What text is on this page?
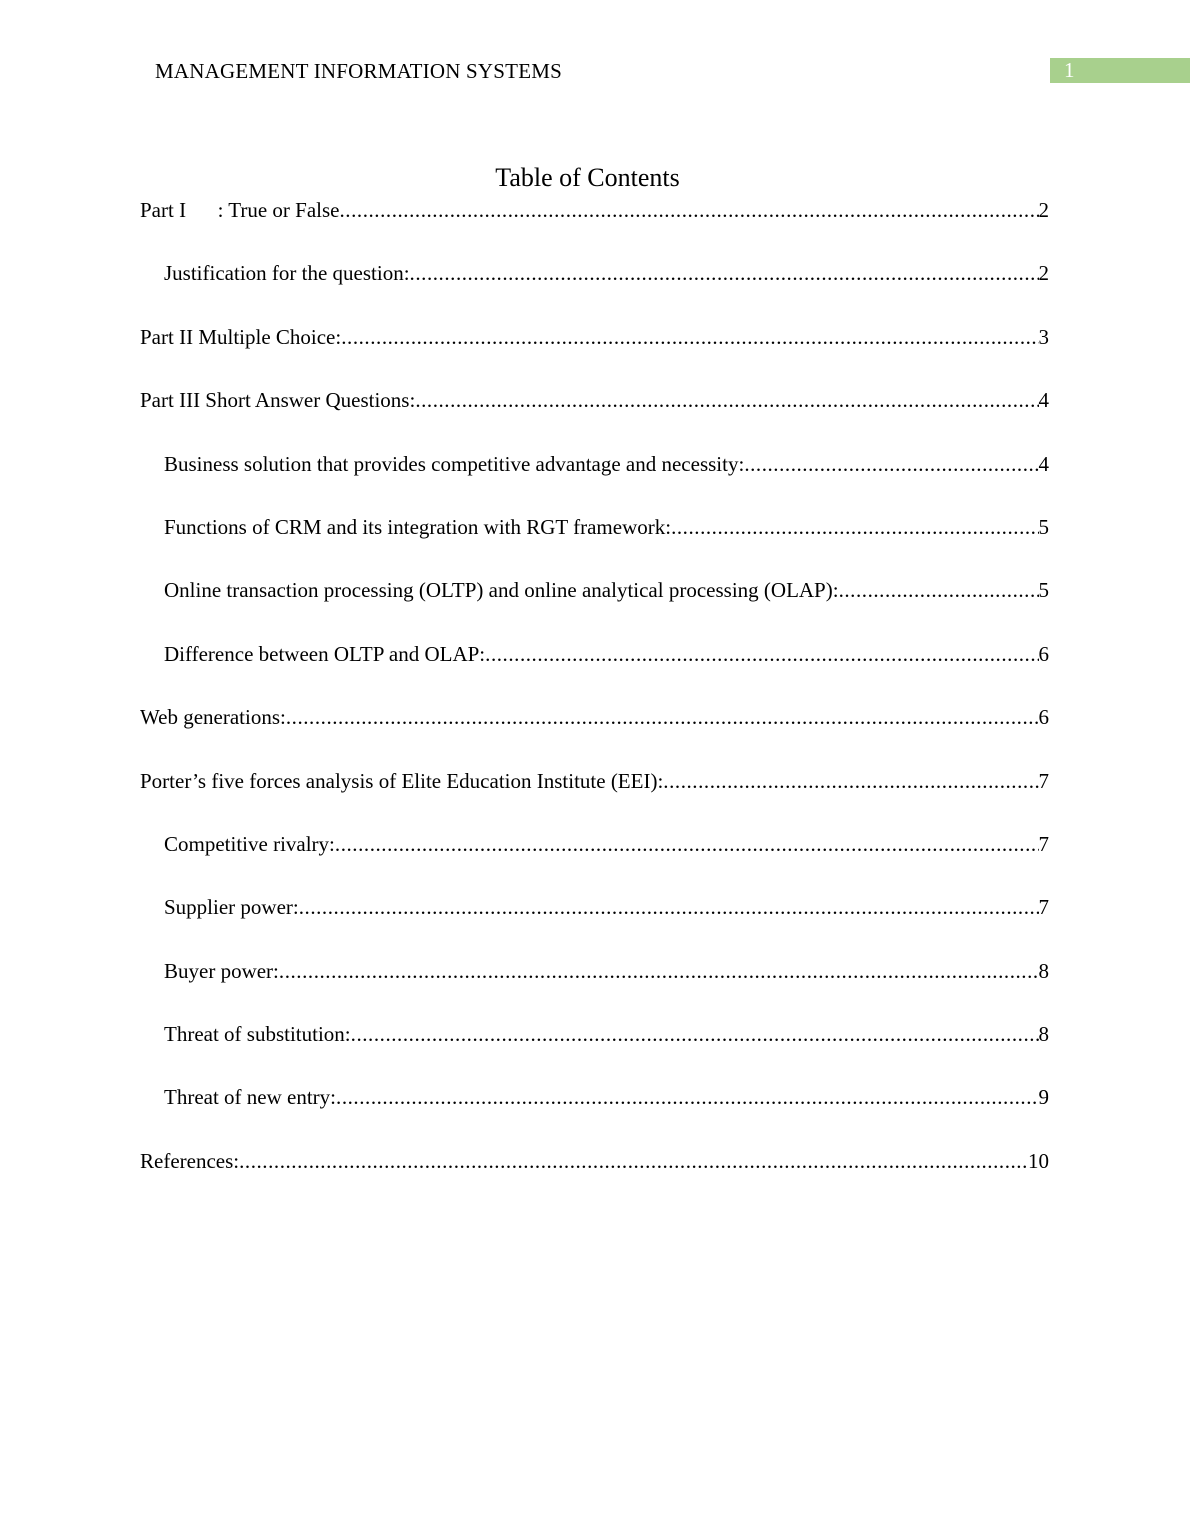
MANAGEMENT INFORMATION SYSTEMS	1
Table of Contents
Part I      : True or False .....	2
Justification for the question: .....	2
Part II Multiple Choice: .....	3
Part III Short Answer Questions: .....	4
Business solution that provides competitive advantage and necessity: .....	4
Functions of CRM and its integration with RGT framework: .....	5
Online transaction processing (OLTP) and online analytical processing (OLAP): .....	5
Difference between OLTP and OLAP: .....	6
Web generations: .....	6
Porter’s five forces analysis of Elite Education Institute (EEI): .....	7
Competitive rivalry: .....	7
Supplier power: .....	7
Buyer power: .....	8
Threat of substitution: .....	8
Threat of new entry: .....	9
References: .....	10
